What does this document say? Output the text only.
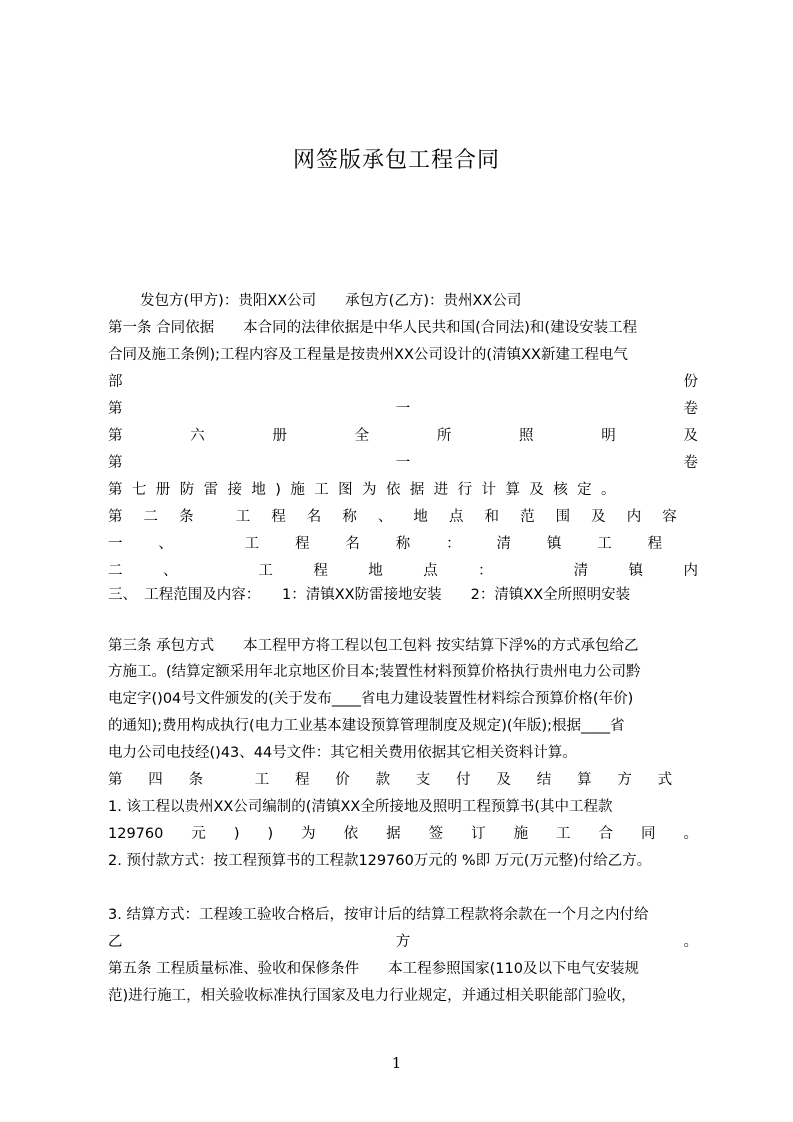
网签版承包工程合同
发包方(甲方)：贵阳XX公司　　承包方(乙方)：贵州XX公司
第一条 合同依据　　本合同的法律依据是中华人民共和国(合同法)和(建设安装工程
合同及施工条例);工程内容及工程量是按贵州XX公司设计的(清镇XX新建工程电气
部	份
第	一	卷
第	六	册	全	所	照	明	及
第	一	卷
第七册防雷接地)施工图为依据进行计算及核定。
第 二 条	工 程 名 称 、 地 点 和 范 围 及 内 容
一 、	工 程 名 称 ： 清 镇 工 程
二	、	工	程	地	点	：	清	镇	内
三、　工程范围及内容：　　1：清镇XX防雷接地安装　　2：清镇XX全所照明安装
第三条 承包方式　　本工程甲方将工程以包工包料 按实结算下浮%的方式承包给乙
方施工。(结算定额采用年北京地区价目本;装置性材料预算价格执行贵州电力公司黔
电定字()04号文件颁发的(关于发布____省电力建设装置性材料综合预算价格(年价)
的通知);费用构成执行(电力工业基本建设预算管理制度及规定)(年版);根据____省
电力公司电技经()43、44号文件：其它相关费用依据其它相关资料计算。
第 四 条	工 程 价 款 支 付 及 结 算 方 式
1. 该工程以贵州XX公司编制的(清镇XX全所接地及照明工程预算书(其中工程款
129760 元 ) ) 为 依 据 签 订 施 工 合 同 。
2. 预付款方式：按工程预算书的工程款129760万元的 %即 万元(万元整)付给乙方。
3. 结算方式：工程竣工验收合格后，按审计后的结算工程款将余款在一个月之内付给
乙	方	。
第五条 工程质量标准、验收和保修条件　　本工程参照国家(110及以下电气安装规
范)进行施工，相关验收标准执行国家及电力行业规定，并通过相关职能部门验收，
1
